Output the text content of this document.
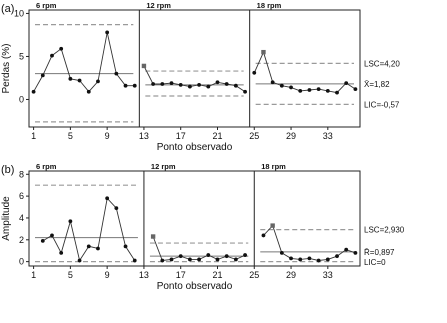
(a)
Perdas (%)
Ponto observado
0
5
10
1	5	9	13	17	21	25	29	33
6 rpm	12 rpm	18 rpm
LSC=4,20
X̄=1,82
LIC=-0,57
(b)
Amplitude
Ponto observado
0
2
4
6
8
1	5	9	13	17	21	25	29	33
6 rpm	12 rpm	18 rpm
LSC=2,930
R̄=0,897
LIC=0
